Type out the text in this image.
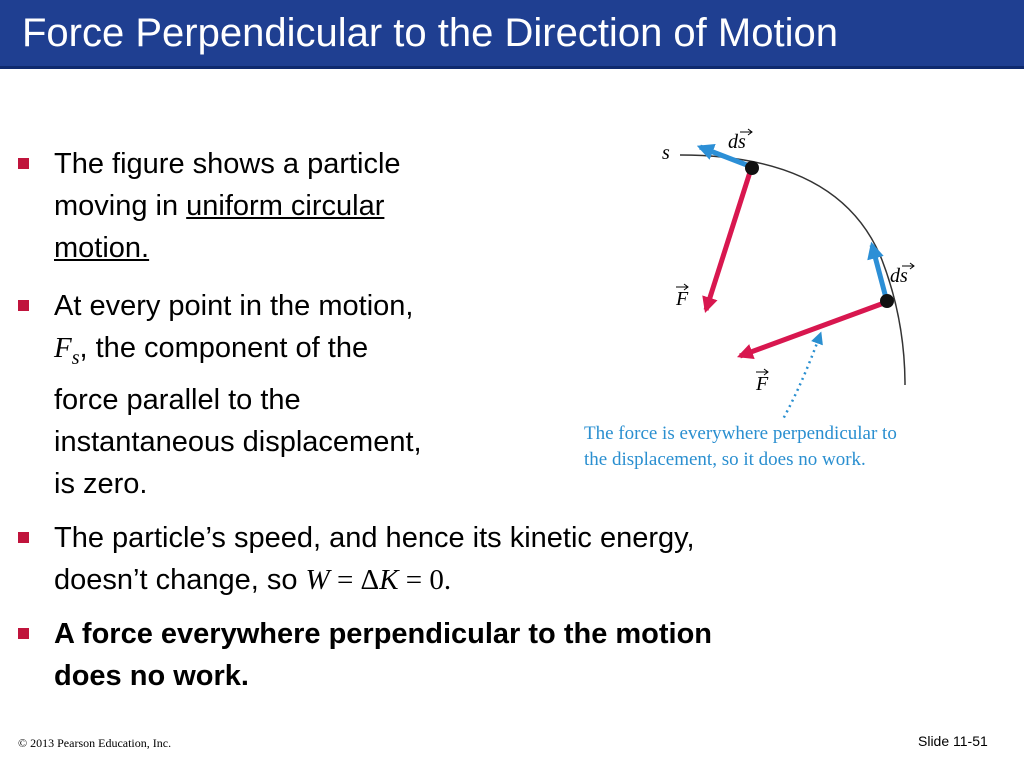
Force Perpendicular to the Direction of Motion
The figure shows a particle
moving in uniform circular
motion.
At every point in the motion,
$F_s$, the component of the
force parallel to the
instantaneous displacement,
is zero.
The particle’s speed, and hence its kinetic energy,
doesn’t change, so W = ΔK = 0.
A force everywhere perpendicular to the motion
does no work.
s	ds
ds
F
F
The force is everywhere perpendicular to
the displacement, so it does no work.
© 2013 Pearson Education, Inc.	Slide 11-51
